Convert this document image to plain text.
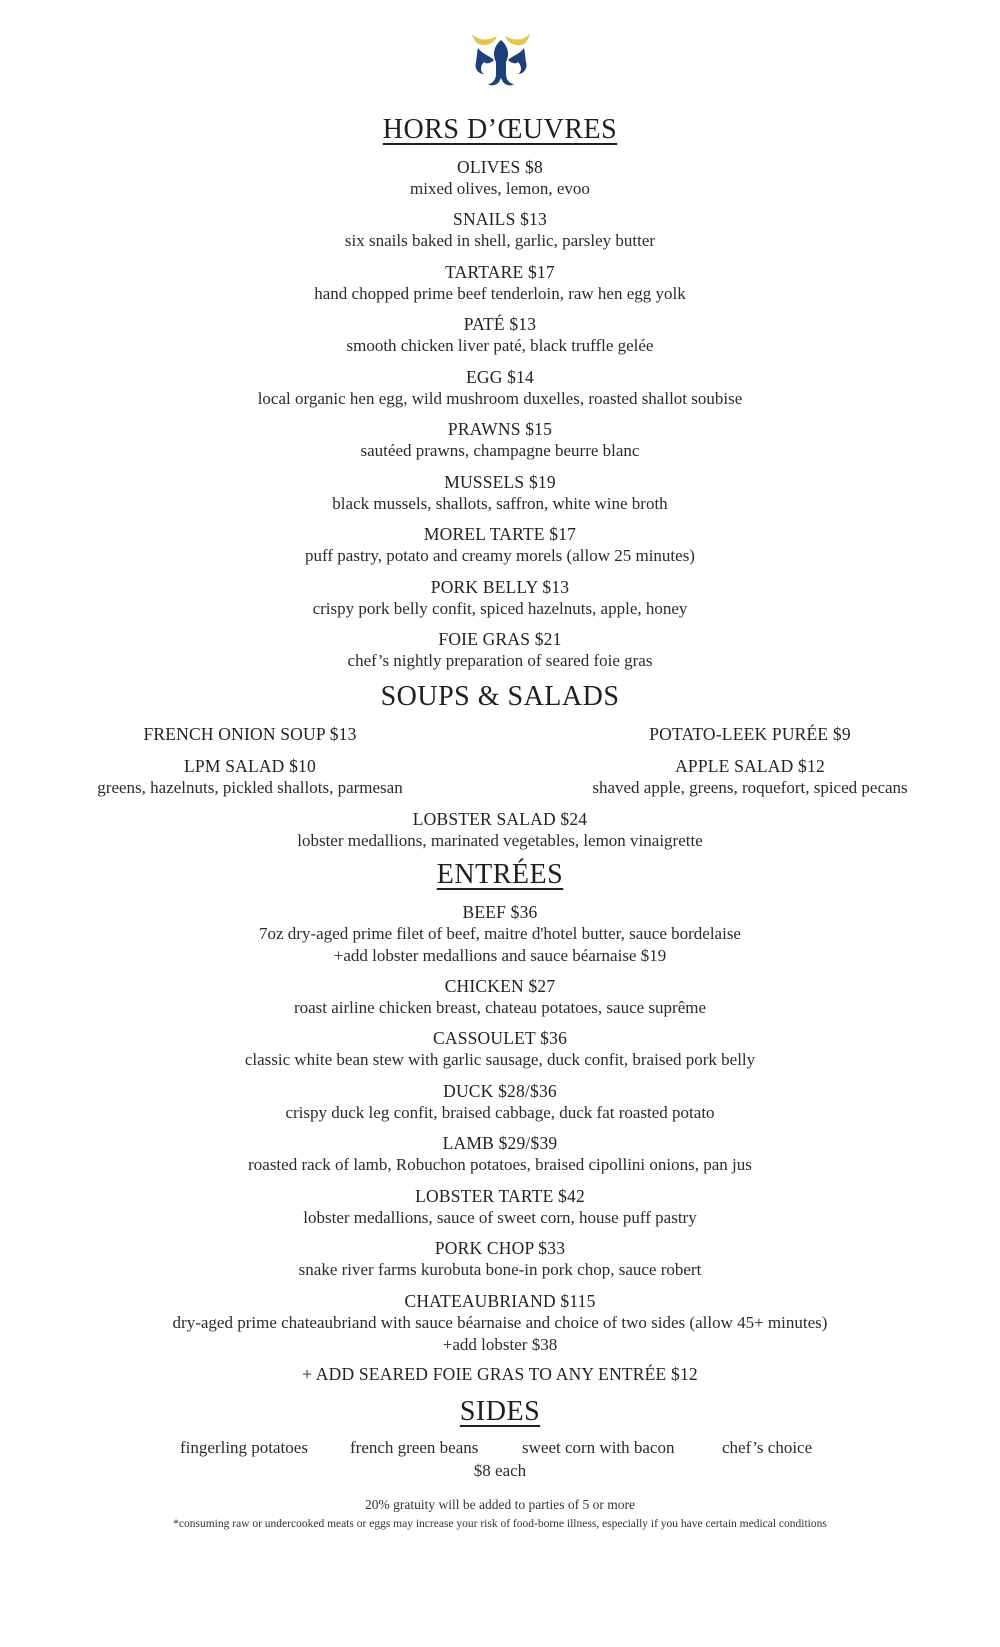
HORS D’ŒUVRES
OLIVES $8
mixed olives, lemon, evoo
SNAILS $13
six snails baked in shell, garlic, parsley butter
TARTARE $17
hand chopped prime beef tenderloin, raw hen egg yolk
PATÉ $13
smooth chicken liver paté, black truffle gelée
EGG $14
local organic hen egg, wild mushroom duxelles, roasted shallot soubise
PRAWNS $15
sautéed prawns, champagne beurre blanc
MUSSELS $19
black mussels, shallots, saffron, white wine broth
MOREL TARTE $17
puff pastry, potato and creamy morels (allow 25 minutes)
PORK BELLY $13
crispy pork belly confit, spiced hazelnuts, apple, honey
FOIE GRAS $21
chef’s nightly preparation of seared foie gras
SOUPS & SALADS
FRENCH ONION SOUP $13	POTATO-LEEK PURÉE $9
LPM SALAD $10
greens, hazelnuts, pickled shallots, parmesan
APPLE SALAD $12
shaved apple, greens, roquefort, spiced pecans
LOBSTER SALAD $24
lobster medallions, marinated vegetables, lemon vinaigrette
ENTRÉES
BEEF $36
7oz dry-aged prime filet of beef, maitre d'hotel butter, sauce bordelaise
+add lobster medallions and sauce béarnaise $19
CHICKEN $27
roast airline chicken breast, chateau potatoes, sauce suprême
CASSOULET $36
classic white bean stew with garlic sausage, duck confit, braised pork belly
DUCK $28/$36
crispy duck leg confit, braised cabbage, duck fat roasted potato
LAMB $29/$39
roasted rack of lamb, Robuchon potatoes, braised cipollini onions, pan jus
LOBSTER TARTE $42
lobster medallions, sauce of sweet corn, house puff pastry
PORK CHOP $33
snake river farms kurobuta bone-in pork chop, sauce robert
CHATEAUBRIAND $115
dry-aged prime chateaubriand with sauce béarnaise and choice of two sides (allow 45+ minutes)
+add lobster $38
+ ADD SEARED FOIE GRAS TO ANY ENTRÉE $12
SIDES
fingerling potatoes french green beans	sweet corn with bacon	chef’s choice
$8 each
20% gratuity will be added to parties of 5 or more
*consuming raw or undercooked meats or eggs may increase your risk of food-borne illness, especially if you have certain medical conditions
